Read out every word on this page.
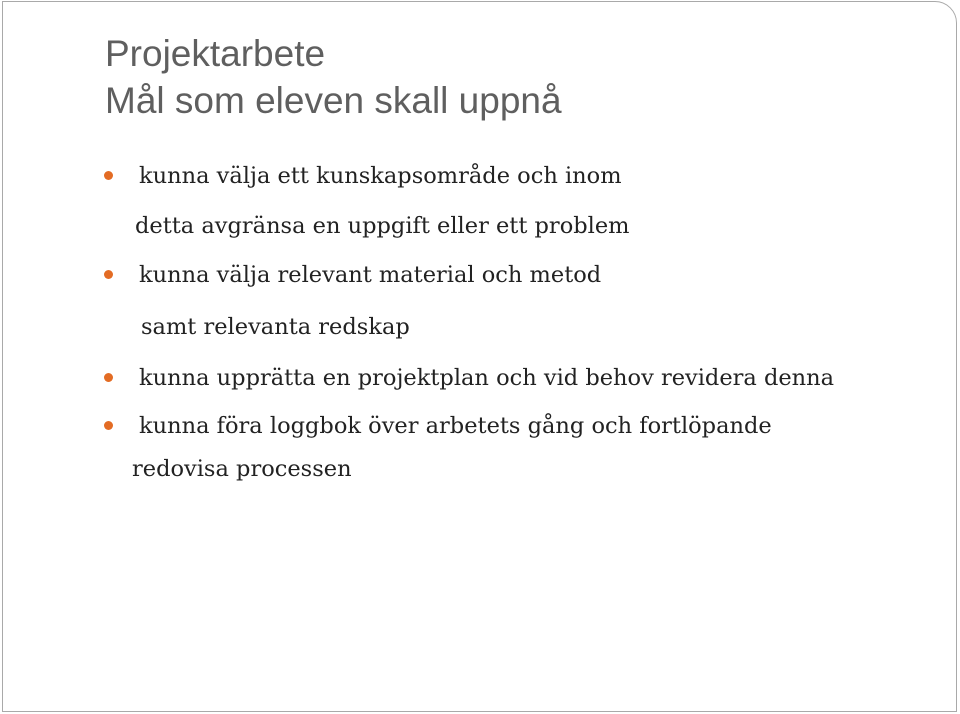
Projektarbete
Mål som eleven skall uppnå
kunna välja ett kunskapsområde och inom
detta avgränsa en uppgift eller ett problem
kunna välja relevant material och metod
samt relevanta redskap
kunna upprätta en projektplan och vid behov revidera denna
kunna föra loggbok över arbetets gång och fortlöpande
redovisa processen
